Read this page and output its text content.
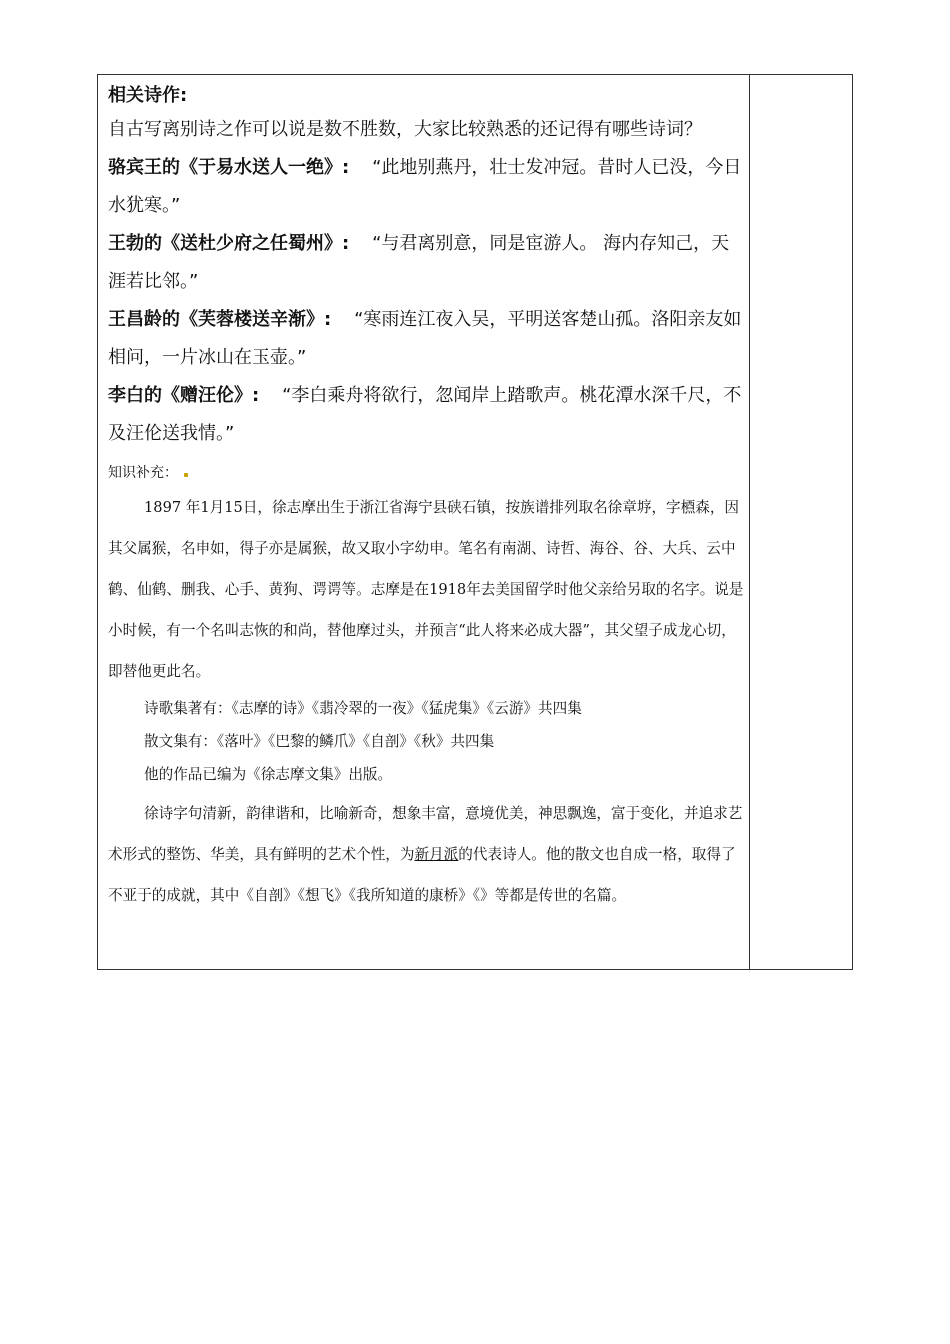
相关诗作:

自古写离别诗之作可以说是数不胜数，大家比较熟悉的还记得有哪些诗词？

骆宾王的《于易水送人一绝》: “此地别燕丹，壮士发冲冠。昔时人已没，今日水犹寒。”

王勃的《送杜少府之任蜀州》: “与君离别意，同是宦游人。 海内存知己，天涯若比邻。”

王昌龄的《芙蓉楼送辛渐》: “寒雨连江夜入吴，平明送客楚山孤。洛阳亲友如相问，一片冰山在玉壶。”

李白的《赠汪伦》: “李白乘舟将欲行，忽闻岸上踏歌声。桃花潭水深千尺，不及汪伦送我情。”

知识补充：

1897 年1月15日，徐志摩出生于浙江省海宁县硖石镇，按族谱排列取名徐章垿，字槱森，因其父属猴，名申如，得子亦是属猴，故又取小字幼申。笔名有南湖、诗哲、海谷、谷、大兵、云中鹤、仙鹤、删我、心手、黄狗、谔谔等。志摩是在1918年去美国留学时他父亲给另取的名字。说是小时候，有一个名叫志恢的和尚，替他摩过头，并预言“此人将来必成大器”，其父望子成龙心切，即替他更此名。

诗歌集著有：《志摩的诗》《翡冷翠的一夜》《猛虎集》《云游》共四集

散文集有：《落叶》《巴黎的鳞爪》《自剖》《秋》共四集

他的作品已编为《徐志摩文集》出版。

徐诗字句清新，韵律谐和，比喻新奇，想象丰富，意境优美，神思飘逸，富于变化，并追求艺术形式的整饬、华美，具有鲜明的艺术个性，为新月派的代表诗人。他的散文也自成一格，取得了不亚于的成就，其中《自剖》《想飞》《我所知道的康桥》《》等都是传世的名篇。
